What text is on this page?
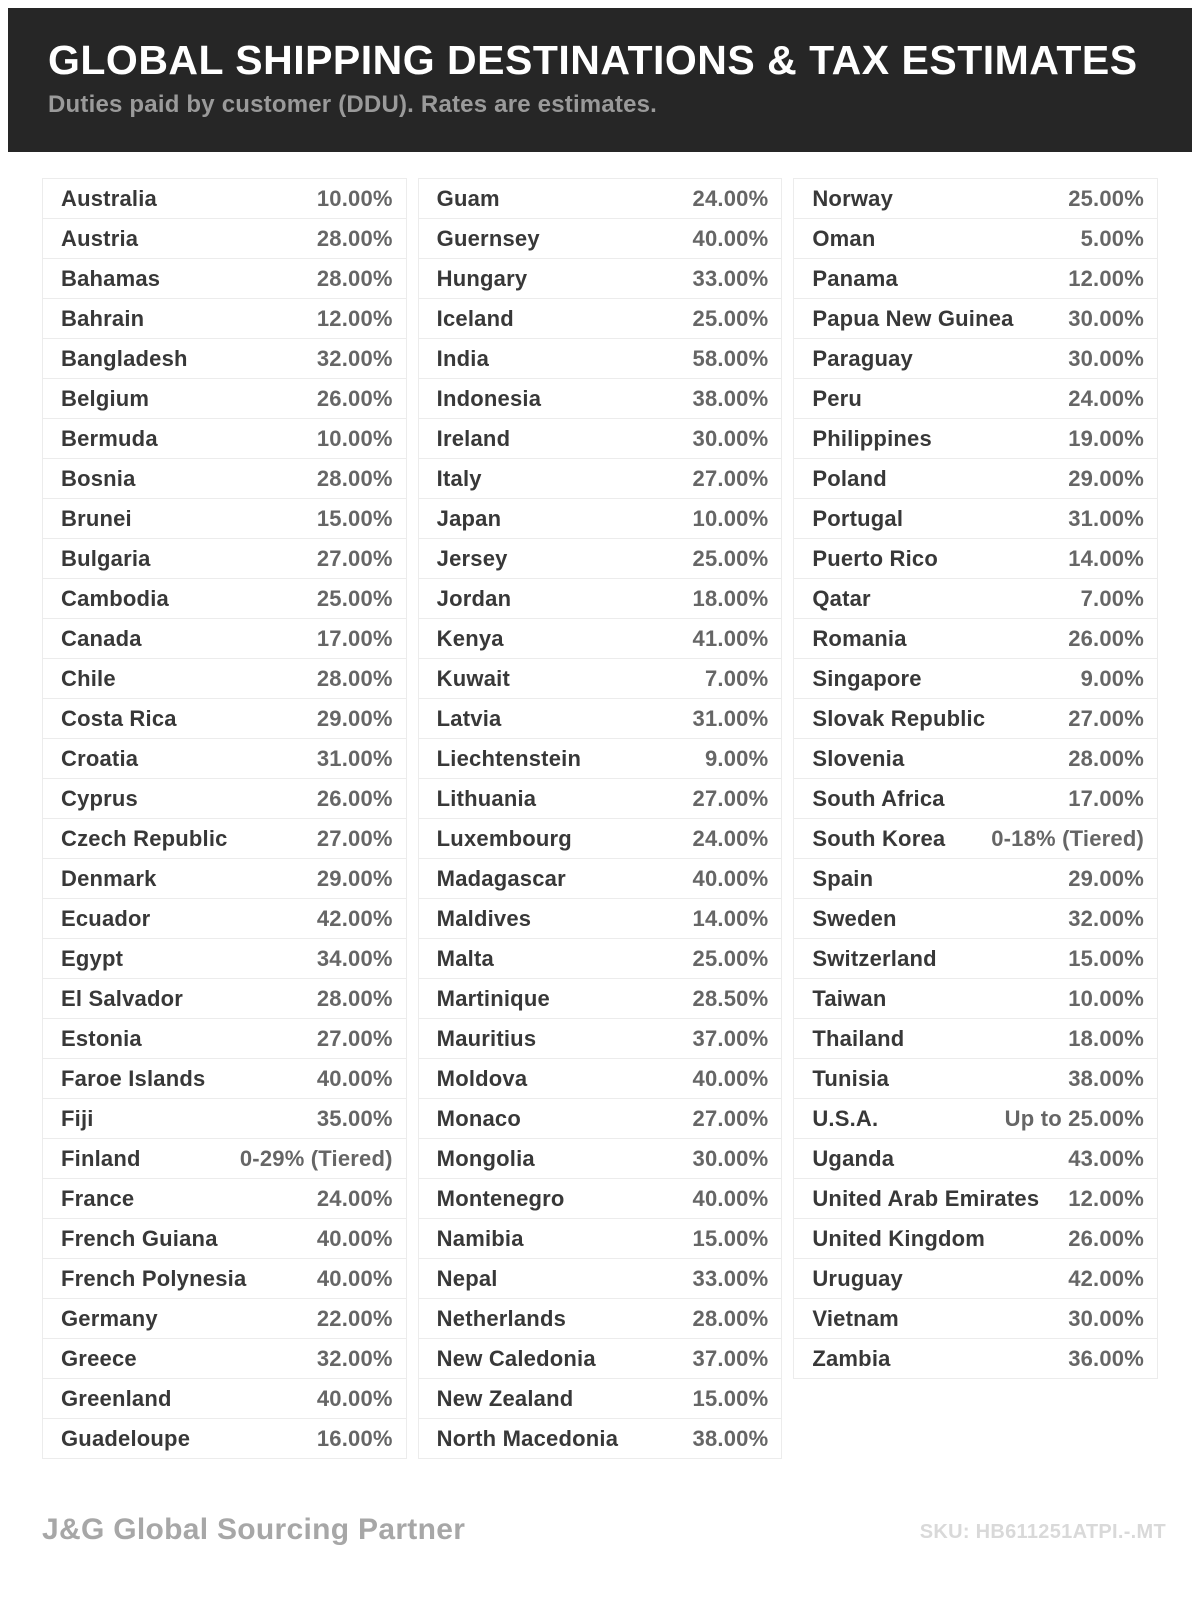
GLOBAL SHIPPING DESTINATIONS & TAX ESTIMATES
Duties paid by customer (DDU). Rates are estimates.
Australia	10.00%
Austria	28.00%
Bahamas	28.00%
Bahrain	12.00%
Bangladesh	32.00%
Belgium	26.00%
Bermuda	10.00%
Bosnia	28.00%
Brunei	15.00%
Bulgaria	27.00%
Cambodia	25.00%
Canada	17.00%
Chile	28.00%
Costa Rica	29.00%
Croatia	31.00%
Cyprus	26.00%
Czech Republic	27.00%
Denmark	29.00%
Ecuador	42.00%
Egypt	34.00%
El Salvador	28.00%
Estonia	27.00%
Faroe Islands	40.00%
Fiji	35.00%
Finland	0-29% (Tiered)
France	24.00%
French Guiana	40.00%
French Polynesia	40.00%
Germany	22.00%
Greece	32.00%
Greenland	40.00%
Guadeloupe	16.00%
Guam	24.00%
Guernsey	40.00%
Hungary	33.00%
Iceland	25.00%
India	58.00%
Indonesia	38.00%
Ireland	30.00%
Italy	27.00%
Japan	10.00%
Jersey	25.00%
Jordan	18.00%
Kenya	41.00%
Kuwait	7.00%
Latvia	31.00%
Liechtenstein	9.00%
Lithuania	27.00%
Luxembourg	24.00%
Madagascar	40.00%
Maldives	14.00%
Malta	25.00%
Martinique	28.50%
Mauritius	37.00%
Moldova	40.00%
Monaco	27.00%
Mongolia	30.00%
Montenegro	40.00%
Namibia	15.00%
Nepal	33.00%
Netherlands	28.00%
New Caledonia	37.00%
New Zealand	15.00%
North Macedonia	38.00%
Norway	25.00%
Oman	5.00%
Panama	12.00%
Papua New Guinea 30.00%
Paraguay	30.00%
Peru	24.00%
Philippines	19.00%
Poland	29.00%
Portugal	31.00%
Puerto Rico	14.00%
Qatar	7.00%
Romania	26.00%
Singapore	9.00%
Slovak Republic	27.00%
Slovenia	28.00%
South Africa	17.00%
South Korea 0-18% (Tiered)
Spain	29.00%
Sweden	32.00%
Switzerland	15.00%
Taiwan	10.00%
Thailand	18.00%
Tunisia	38.00%
U.S.A.	Up to 25.00%
Uganda	43.00%
United Arab Emirates 12.00%
United Kingdom	26.00%
Uruguay	42.00%
Vietnam	30.00%
Zambia	36.00%
J&G Global Sourcing Partner	SKU: HB611251ATPI.-.MT
